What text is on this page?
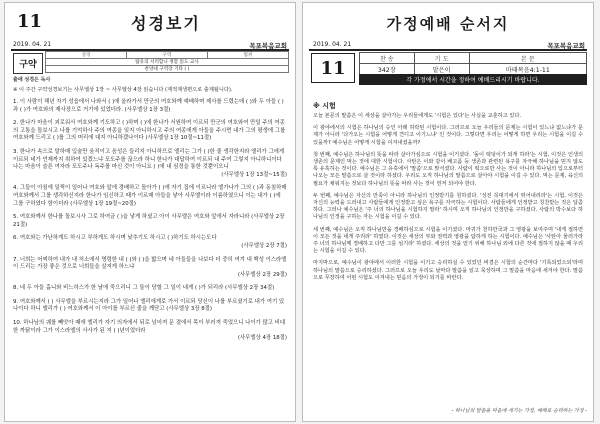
11	성경보기
2019. 04. 21	목포복음교회
구약
성경	구역	범위
탐유의 서러합니 정할 읽도 교사
찬양대 구역장 기타 ( )
출애 성경은 독사
※ 이 주간 구약성경보기는 사무엘상 1장 ~ 사무엘상 4장 읽습니다 (재적재생편으로 출제됩니다).
1. 이 사람이 해년 자기 성읍에서 나와서 ( )에 올라가서 만군의 여호와께 예배하며 제사를 드렸는데 ( )와 두 아들 ( )과 ( )가 여호와의 제사장으로 거기에 있었더라. (사무엘상 1장 3절)
2. 한나가 마음이 괴로워서 여호와께 기도하고 ( )하며 ( )에 한나가 서원하여 이르되 만군의 여호와여 만일 주의 여종의 고통을 돌보시고 나를 기억하사 주의 여종을 잊지 아니하시고 주의 여종에게 아들을 주시면 내가 그의 평생에 그를 여호와께 드리고 ( )를 그의 머리에 대지 아니하겠나이다 (사무엘상 1장 10절~11절)
3. 한나가 속으로 말하매 입술만 움직이고 음성은 들리지 아니하므로 엘리는 그가 ( )한 줄 생각한지라 엘리가 그에게 이르되 네가 언제까지 취하여 있겠느냐 포도주를 끊으라 하니 한나가 대답하여 이르되 내 주여 그렇지 아니하니이다 나는 마음이 슬픈 여자라 포도주나 독주를 마신 것이 아니요 ( )에 내 심정을 통한 것뿐이오니
(사무엘상 1장 13절~15절)
4. 그들이 아침에 일찍이 일어나 여호와 앞에 경배하고 돌아가 ( )에 자기 집에 이르니라 엘가나가 그의 ( )과 동침하매 여호와께서 그를 생각하신지라 한나가 임신하고 때가 이르매 아들을 낳아 사무엘이라 이름하였으니 이는 내가 ( )에 그를 구하였다 함이더라 (사무엘상 1장 19절~20절)
5. 여호와께서 한나를 돌보시사 그로 하여금 ( )을 낳게 하셨고 아이 사무엘은 여호와 앞에서 자라니라 (사무엘상 2장 21절)
6. 여호와는 가난하게도 하시고 부하게도 하시며 낮추기도 하시고 ( )하기도 하시는도다
(사무엘상 2장 7절)
7. 너희는 어찌하여 내가 내 처소에서 명령한 내 ( )와 ( )을 밟으며 네 아들들을 나보다 더 중히 여겨 내 백성 이스라엘이 드리는 가장 좋은 것으로 너희들을 살지게 하느냐
(사무엘상 2장 29절)
8. 네 두 아들 홉니와 비느하스가 한 날에 죽으리니 그 둘이 당할 그 일이 네게 ( )가 되리라 (사무엘상 2장 34절)
9. 여호와께서 ( ) 사무엘을 부르시는지라 그가 일어나 엘리에게로 가서 이르되 당신이 나를 부르셨기로 내가 여기 있나이다 하니 엘리가 ( ) 여호와께서 이 아이를 부르신 줄을 깨닫고 (사무엘상 3장 8절)
10. 하나님의 궤를 빼앗아 때에 엘리가 자기 의자에서 뒤로 넘어져 문 곁에서 목이 부러져 죽었으니 나이가 많고 비대한 까닭이라 그가 이스라엘의 사사가 된 지 ( )년이었더라
(사무엘상 4장 18절)
가정예배 순서지
2019. 04. 21	목포복음교회
11	찬 송	기 도	본 문
342장	맡은이	마태복음4:1-11
각 가정에서 시간을 정하여 예배드리시기 바랍니다.
※ 시험

오늘 본문의 말씀은 이 세상을 살아가는 우리들에게도 '시험은 있다'는 사실을 교훈하고 있다.

이 광야에서의 시험은 하나님의 승인 아래 허락된 시험이다. 그러므로 오늘 우리들의 문제는 시험이 있느냐 없느냐가 문제가 아니라 '다가오는 시험을 어떻게 견디고 이기느냐' 인 것이다. 그렇다면 우리는 어떻게 하면 우리는 시험을 이길 수 있을까? 예수님은 어떻게 시험을 이겨내셨을까?

첫 번째, 예수님은 하나님의 뜻을 따라 살아가심으로 시험을 이기셨다. '돌이 떡덩이가 되게 하라'는 시험, 이것은 인생의 생존의 문제인 먹는 것에 대한 시험이다. 사탄은 이와 같이 배고픔 등 생존과 관련된 욕구를 자극해 하나님을 믿지 않도록 유혹하는 것이다. 예수님은 그 유혹에서 '말씀'으로 맞서셨다. 사람이 떡으로만 사는 것이 아니라 하나님의 입으로부터 나오는 모든 말씀으로 살 것이라 하셨다. 우리도 오직 하나님의 말씀으로 살아야 시험을 이길 수 있다. 먹는 문제, 육신의 필요가 채워지는 것보다 하나님의 뜻을 따라 사는 것이 먼저 되어야 한다.

두 번째, 예수님은 자신의 만족이 아니라 하나님의 인정받기를 원하셨다. '성전 꼭대기에서 뛰어내리라'는 시험, 이것은 자신의 능력을 드러내고 사람들에게 인정받고 싶은 욕구를 자극하는 시험이다. 사람들에게 인정받고 칭찬받는 것은 달콤하다. 그러나 예수님은 '주 너의 하나님을 시험하지 말라' 하시며 오직 하나님의 인정만을 구하셨다. 사람의 박수보다 하나님의 인정을 구하는 자는 시험을 이길 수 있다.

세 번째, 예수님은 오직 하나님만을 경배하심으로 시험을 이기셨다. 마귀가 천하만국과 그 영광을 보여주며 '내게 절하면 이 모든 것을 네게 주리라' 하였다. 이것은 세상의 부와 권력과 영광을 탐하게 하는 시험이다. 예수님은 '사탄아 물러가라 주 너의 하나님께 경배하고 다만 그를 섬기라' 하셨다. 세상의 것을 얻기 위해 하나님 외에 다른 것에 절하지 않을 때 우리는 시험을 이길 수 있다.

마지막으로, 예수님이 광야에서 이러한 시험을 이기고 승리하실 수 있었던 비결은 시험의 순간마다 '기록되었으되'라며 하나님의 말씀으로 승리하셨다. 그러므로 오늘 우리도 날마다 말씀을 읽고 묵상하며 그 말씀을 마음에 새겨야 한다. 말씀으로 무장하여 어떤 시험도 이겨내는 믿음의 가정이 되기를 바란다.

- 하나님의 말씀을 마음에 새기는 가정, 예배로 승리하는 가정 -
